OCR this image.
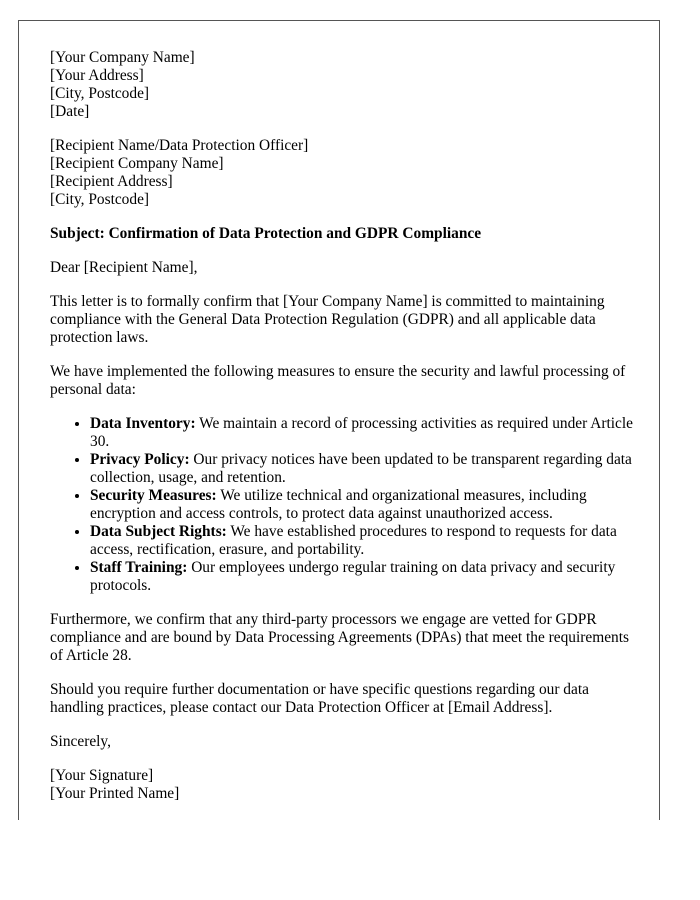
[Your Company Name]
[Your Address]
[City, Postcode]
[Date]
[Recipient Name/Data Protection Officer]
[Recipient Company Name]
[Recipient Address]
[City, Postcode]
Subject: Confirmation of Data Protection and GDPR Compliance

Dear [Recipient Name],

This letter is to formally confirm that [Your Company Name] is committed to maintaining compliance with the General Data Protection Regulation (GDPR) and all applicable data protection laws.

We have implemented the following measures to ensure the security and lawful processing of personal data:

• Data Inventory: We maintain a record of processing activities as required under Article 30.
• Privacy Policy: Our privacy notices have been updated to be transparent regarding data collection, usage, and retention.
• Security Measures: We utilize technical and organizational measures, including encryption and access controls, to protect data against unauthorized access.
• Data Subject Rights: We have established procedures to respond to requests for data access, rectification, erasure, and portability.
• Staff Training: Our employees undergo regular training on data privacy and security protocols.

Furthermore, we confirm that any third-party processors we engage are vetted for GDPR compliance and are bound by Data Processing Agreements (DPAs) that meet the requirements of Article 28.

Should you require further documentation or have specific questions regarding our data handling practices, please contact our Data Protection Officer at [Email Address].

Sincerely,

[Your Signature]
[Your Printed Name]
